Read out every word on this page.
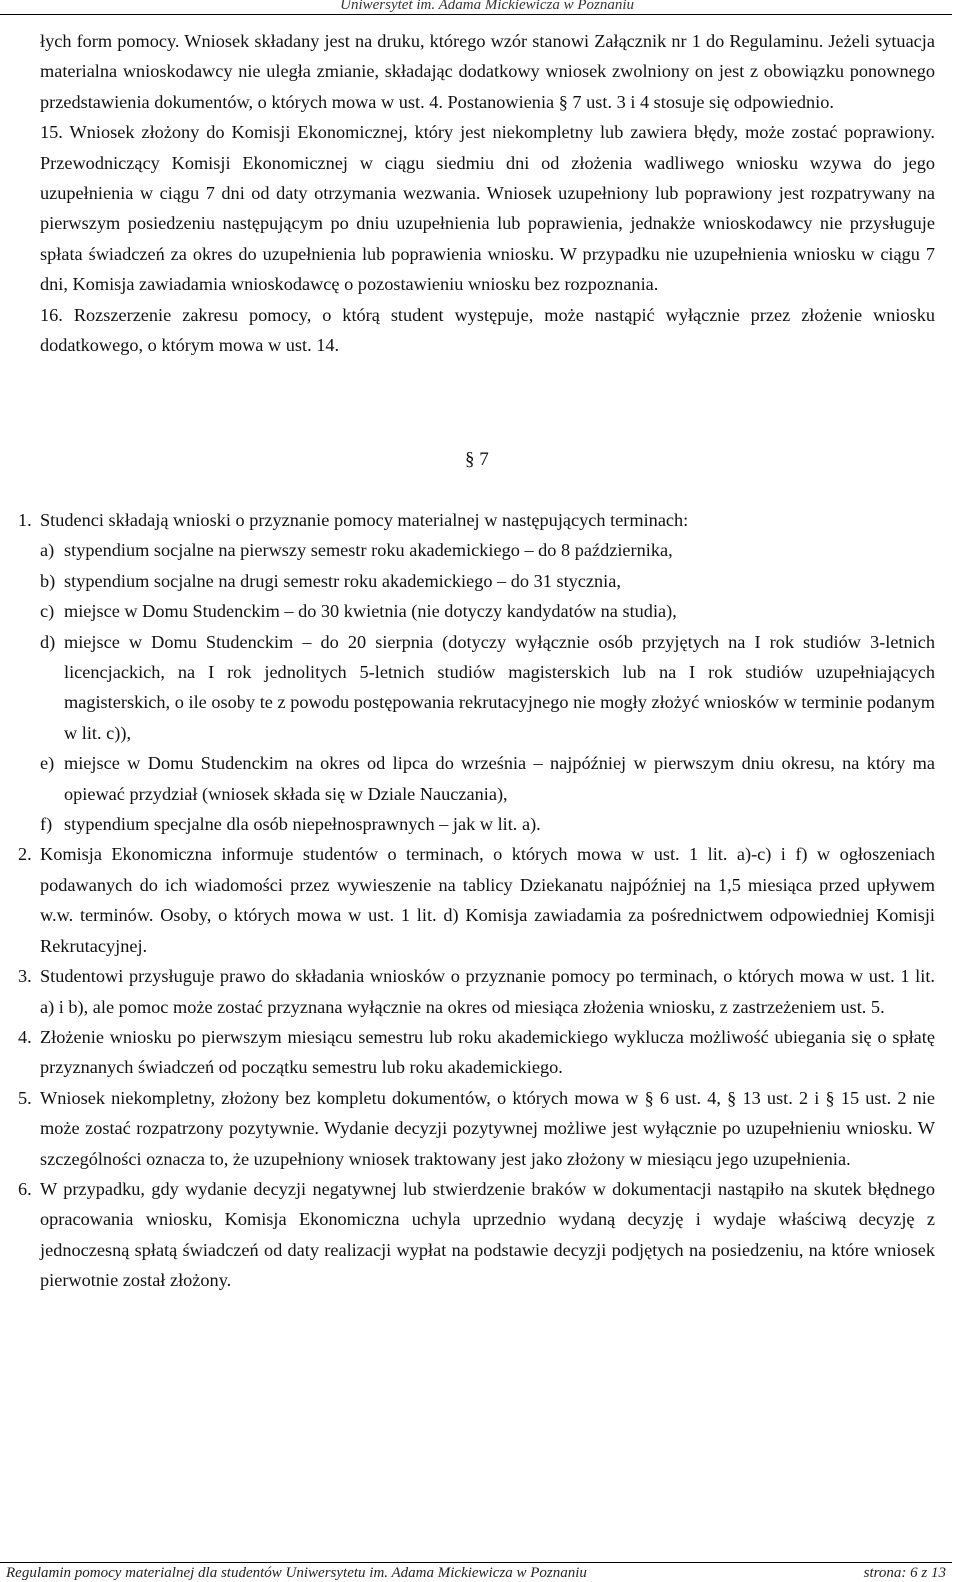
Uniwersytet im. Adama Mickiewicza w Poznaniu

łych form pomocy. Wniosek składany jest na druku, którego wzór stanowi Załącznik nr 1 do Regulaminu. Jeżeli sytuacja materialna wnioskodawcy nie uległa zmianie, składając dodatkowy wniosek zwolniony on jest z obowiązku ponownego przedstawienia dokumentów, o których mowa w ust. 4. Postanowienia § 7 ust. 3 i 4 stosuje się odpowiednio.

15. Wniosek złożony do Komisji Ekonomicznej, który jest niekompletny lub zawiera błędy, może zostać poprawiony. Przewodniczący Komisji Ekonomicznej w ciągu siedmiu dni od złożenia wadliwego wniosku wzywa do jego uzupełnienia w ciągu 7 dni od daty otrzymania wezwania. Wniosek uzupełniony lub poprawiony jest rozpatrywany na pierwszym posiedzeniu następującym po dniu uzupełnienia lub poprawienia, jednakże wnioskodawcy nie przysługuje spłata świadczeń za okres do uzupełnienia lub poprawienia wniosku. W przypadku nie uzupełnienia wniosku w ciągu 7 dni, Komisja zawiadamia wnioskodawcę o pozostawieniu wniosku bez rozpoznania.
16. Rozszerzenie zakresu pomocy, o którą student występuje, może nastąpić wyłącznie przez złożenie wniosku dodatkowego, o którym mowa w ust. 14.
§ 7
1. Studenci składają wnioski o przyznanie pomocy materialnej w następujących terminach:
a) stypendium socjalne na pierwszy semestr roku akademickiego – do 8 października,
b) stypendium socjalne na drugi semestr roku akademickiego – do 31 stycznia,
c) miejsce w Domu Studenckim – do 30 kwietnia (nie dotyczy kandydatów na studia),
d) miejsce w Domu Studenckim – do 20 sierpnia (dotyczy wyłącznie osób przyjętych na I rok studiów 3-letnich licencjackich, na I rok jednolitych 5-letnich studiów magisterskich lub na I rok studiów uzupełniających magisterskich, o ile osoby te z powodu postępowania rekrutacyjnego nie mogły złożyć wniosków w terminie podanym w lit. c)),
e) miejsce w Domu Studenckim na okres od lipca do września – najpóźniej w pierwszym dniu okresu, na który ma opiewać przydział (wniosek składa się w Dziale Nauczania),
f) stypendium specjalne dla osób niepełnosprawnych – jak w lit. a).
2. Komisja Ekonomiczna informuje studentów o terminach, o których mowa w ust. 1 lit. a)-c) i f) w ogłoszeniach podawanych do ich wiadomości przez wywieszenie na tablicy Dziekanatu najpóźniej na 1,5 miesiąca przed upływem w.w. terminów. Osoby, o których mowa w ust. 1 lit. d) Komisja zawiadamia za pośrednictwem odpowiedniej Komisji Rekrutacyjnej.
3. Studentowi przysługuje prawo do składania wniosków o przyznanie pomocy po terminach, o których mowa w ust. 1 lit. a) i b), ale pomoc może zostać przyznana wyłącznie na okres od miesiąca złożenia wniosku, z zastrzeżeniem ust. 5.
4. Złożenie wniosku po pierwszym miesiącu semestru lub roku akademickiego wyklucza możliwość ubiegania się o spłatę przyznanych świadczeń od początku semestru lub roku akademickiego.
5. Wniosek niekompletny, złożony bez kompletu dokumentów, o których mowa w § 6 ust. 4, § 13 ust. 2 i § 15 ust. 2 nie może zostać rozpatrzony pozytywnie. Wydanie decyzji pozytywnej możliwe jest wyłącznie po uzupełnieniu wniosku. W szczególności oznacza to, że uzupełniony wniosek traktowany jest jako złożony w miesiącu jego uzupełnienia.
6. W przypadku, gdy wydanie decyzji negatywnej lub stwierdzenie braków w dokumentacji nastąpiło na skutek błędnego opracowania wniosku, Komisja Ekonomiczna uchyla uprzednio wydaną decyzję i wydaje właściwą decyzję z jednoczesną spłatą świadczeń od daty realizacji wypłat na podstawie decyzji podjętych na posiedzeniu, na które wniosek pierwotnie został złożony.
Regulamin pomocy materialnej dla studentów Uniwersytetu im. Adama Mickiewicza w Poznaniu	strona: 6 z 13
